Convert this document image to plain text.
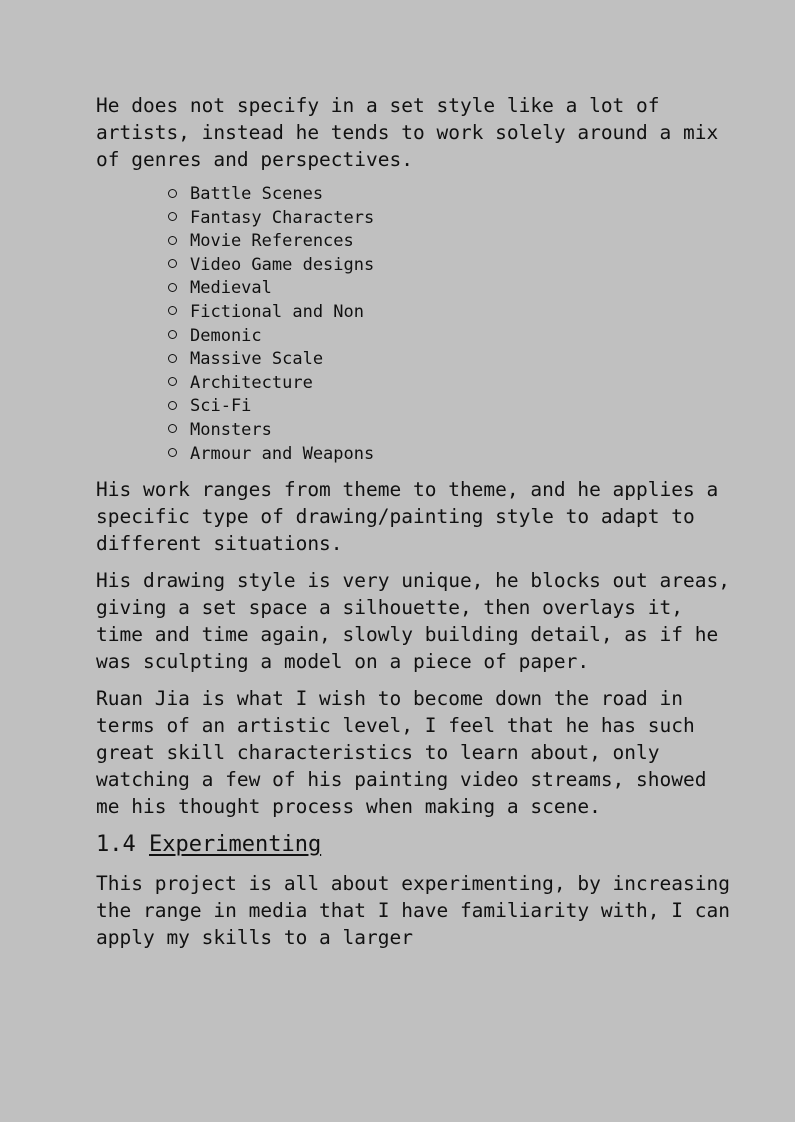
He does not specify in a set style like a lot of artists, instead he tends to work solely around a mix of genres and perspectives.

Battle Scenes
Fantasy Characters
Movie References
Video Game designs
Medieval
Fictional and Non
Demonic
Massive Scale
Architecture
Sci-Fi
Monsters
Armour and Weapons

His work ranges from theme to theme, and he applies a specific type of drawing/painting style to adapt to different situations.

His drawing style is very unique, he blocks out areas, giving a set space a silhouette, then overlays it, time and time again, slowly building detail, as if he was sculpting a model on a piece of paper.

Ruan Jia is what I wish to become down the road in terms of an artistic level, I feel that he has such great skill characteristics to learn about, only watching a few of his painting video streams, showed me his thought process when making a scene.

1.4 Experimenting

This project is all about experimenting, by increasing the range in media that I have familiarity with, I can apply my skills to a larger
